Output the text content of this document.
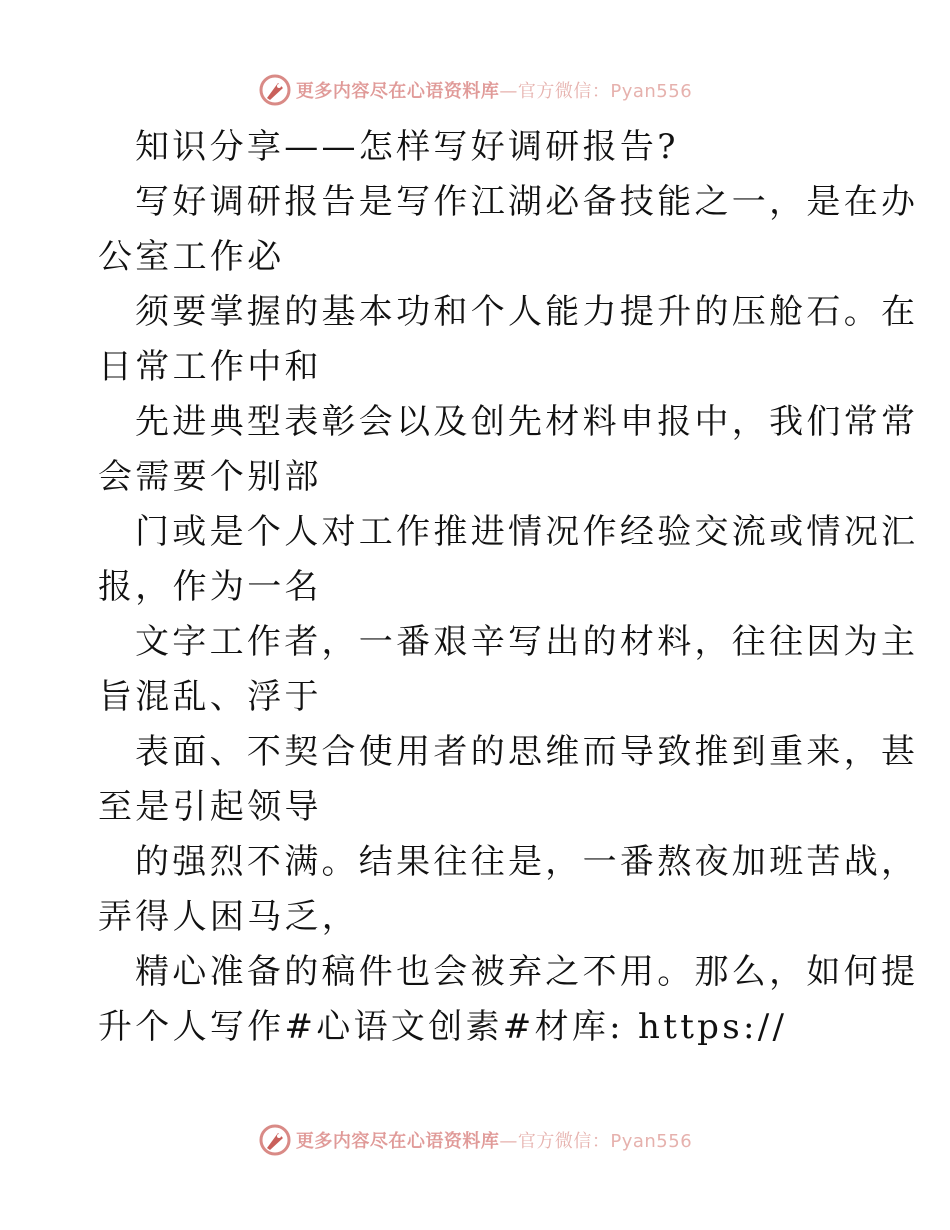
更多内容尽在心语资料库—官方微信：Pyan556
知识分享——怎样写好调研报告?
写好调研报告是写作江湖必备技能之一，是在办
公室工作必
须要掌握的基本功和个人能力提升的压舱石。在
日常工作中和
先进典型表彰会以及创先材料申报中，我们常常
会需要个别部
门或是个人对工作推进情况作经验交流或情况汇
报，作为一名
文字工作者，一番艰辛写出的材料，往往因为主
旨混乱、浮于
表面、不契合使用者的思维而导致推到重来，甚
至是引起领导
的强烈不满。结果往往是，一番熬夜加班苦战，
弄得人困马乏，
精心准备的稿件也会被弃之不用。那么，如何提
升个人写作#心语文创素#材库: https://
更多内容尽在心语资料库—官方微信：Pyan556
